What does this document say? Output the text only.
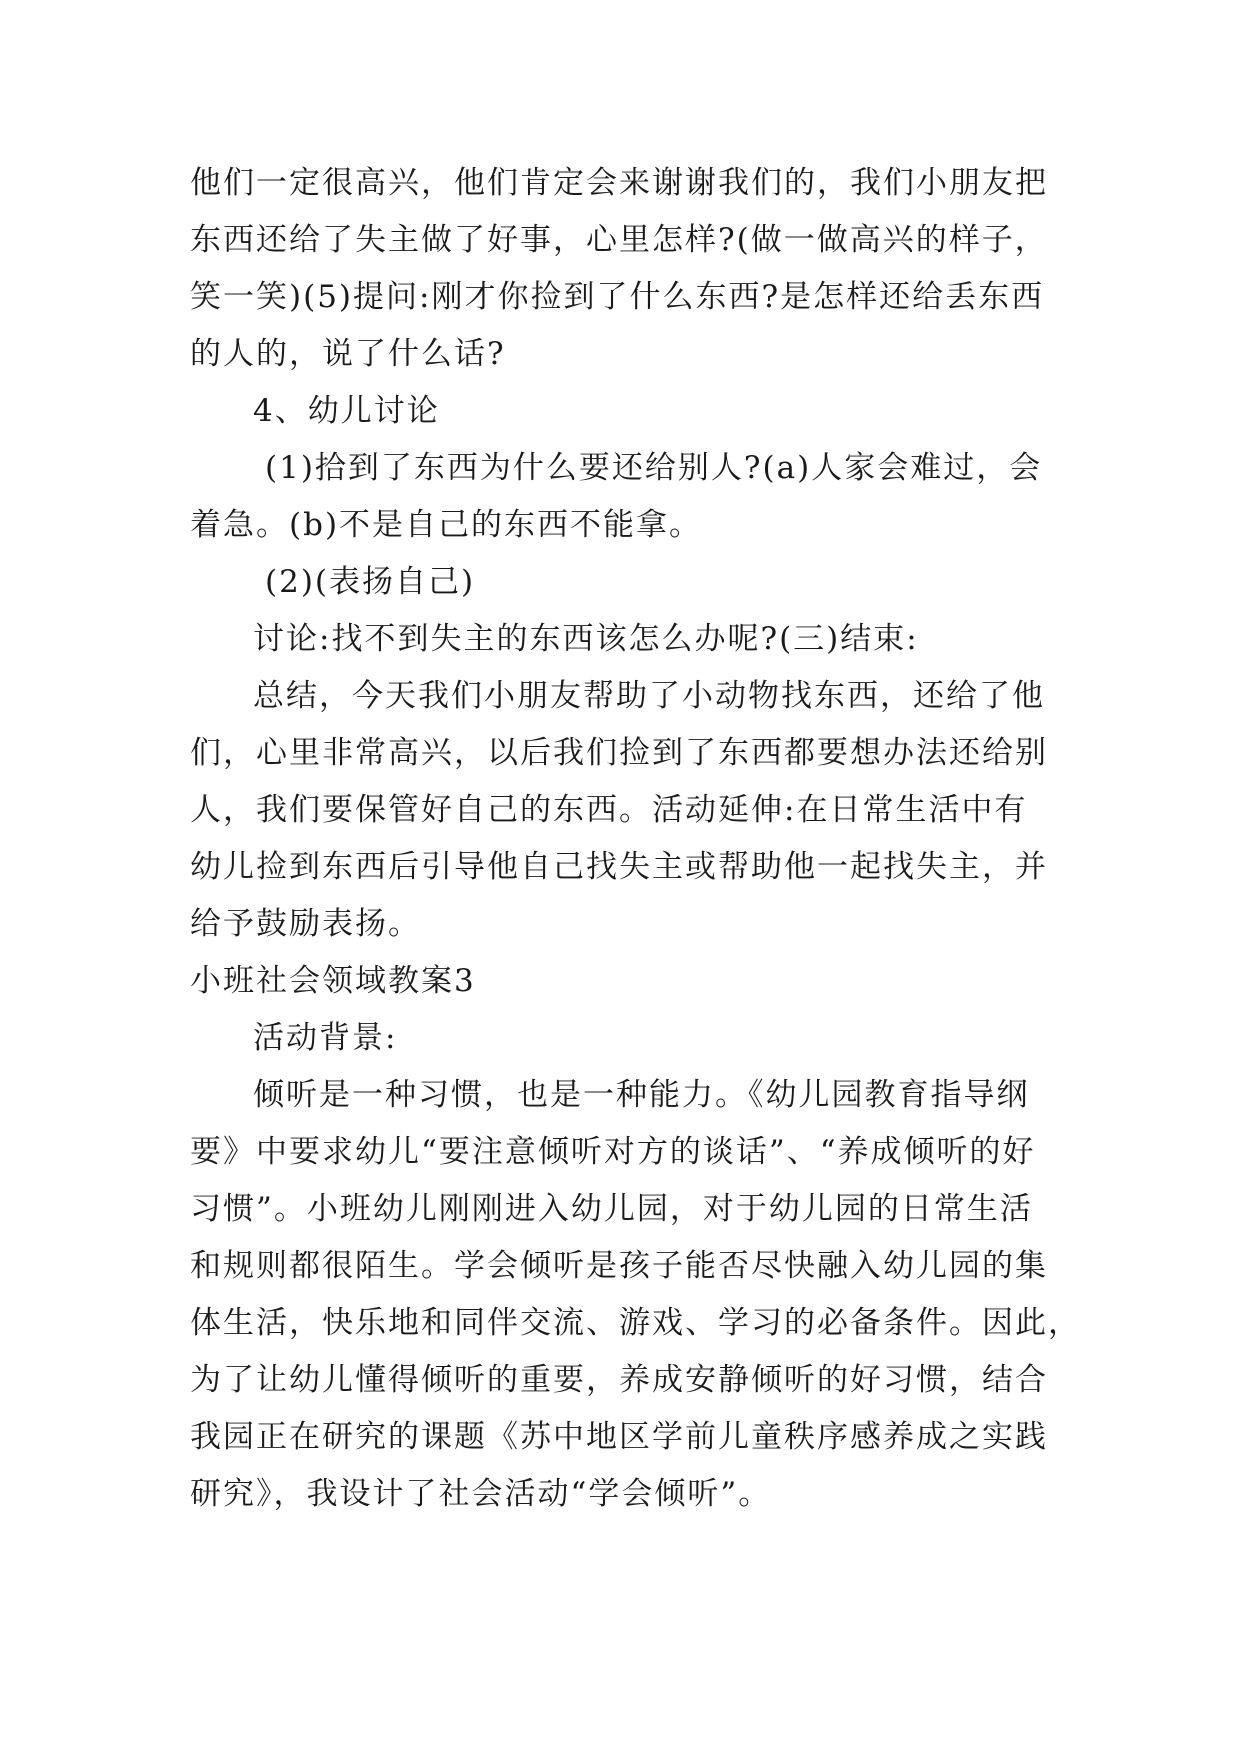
他们一定很高兴，他们肯定会来谢谢我们的，我们小朋友把
东西还给了失主做了好事，心里怎样?(做一做高兴的样子，
笑一笑)(5)提问:刚才你捡到了什么东西?是怎样还给丢东西
的人的，说了什么话?
4、幼儿讨论
(1)拾到了东西为什么要还给别人?(a)人家会难过，会
着急。(b)不是自己的东西不能拿。
(2)(表扬自己)
讨论:找不到失主的东西该怎么办呢?(三)结束:
总结，今天我们小朋友帮助了小动物找东西，还给了他
们，心里非常高兴，以后我们捡到了东西都要想办法还给别
人，我们要保管好自己的东西。活动延伸:在日常生活中有
幼儿捡到东西后引导他自己找失主或帮助他一起找失主，并
给予鼓励表扬。
小班社会领域教案3
活动背景:
倾听是一种习惯，也是一种能力。《幼儿园教育指导纲
要》中要求幼儿“要注意倾听对方的谈话”、“养成倾听的好
习惯”。小班幼儿刚刚进入幼儿园，对于幼儿园的日常生活
和规则都很陌生。学会倾听是孩子能否尽快融入幼儿园的集
体生活，快乐地和同伴交流、游戏、学习的必备条件。因此，
为了让幼儿懂得倾听的重要，养成安静倾听的好习惯，结合
我园正在研究的课题《苏中地区学前儿童秩序感养成之实践
研究》，我设计了社会活动“学会倾听”。
